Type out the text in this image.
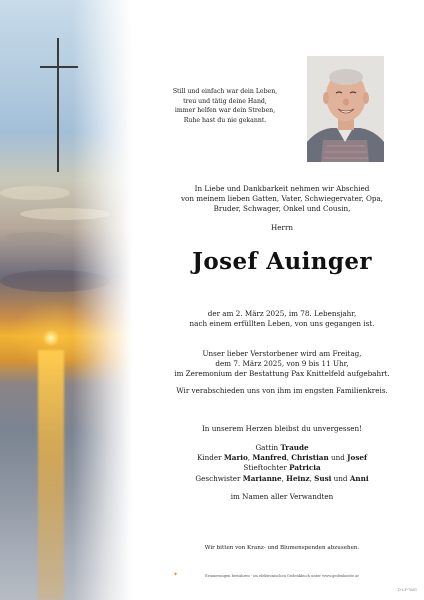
Still und einfach war dein Leben,
treu und tätig deine Hand,
immer helfen war dein Streben,
Ruhe hast du nie gekannt.
In Liebe und Dankbarkeit nehmen wir Abschied
von meinem lieben Gatten, Vater, Schwiegervater, Opa,
Bruder, Schwager, Onkel und Cousin,
Herrn
Josef Auinger
der am 2. März 2025, im 78. Lebensjahr,
nach einem erfüllten Leben, von uns gegangen ist.
Unser lieber Verstorbener wird am Freitag,
dem 7. März 2025, von 9 bis 11 Uhr,
im Zeremonium der Bestattung Pax Knittelfeld aufgebahrt.
Wir verabschieden uns von ihm im engsten Familienkreis.
In unserem Herzen bleibst du unvergessen!
Gattin Traude
Kinder Mario, Manfred, Christian und Josef
Stieftochter Patricia
Geschwister Marianne, Heinz, Susi und Anni
im Namen aller Verwandten
Wir bitten von Kranz- und Blumenspenden abzusehen.
✦	Erinnerungen bewahren - im elektronischen Gedenkbuch unter www.gedenkseite.at
D-LP-7661
